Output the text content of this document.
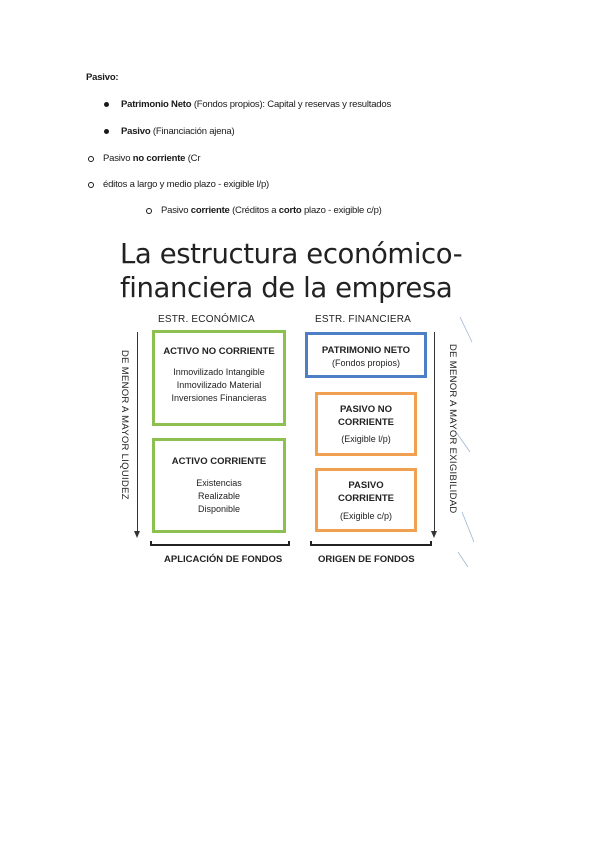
Pasivo:
Patrimonio Neto (Fondos propios): Capital y reservas y resultados
Pasivo (Financiación ajena)
Pasivo no corriente (Cr
éditos a largo y medio plazo - exigible l/p)
Pasivo corriente (Créditos a corto plazo - exigible c/p)
La estructura económico-
financiera de la empresa
ESTR. ECONÓMICA	ESTR. FINANCIERA
DE MENOR A MAYOR LIQUIDEZ	DE MENOR A MAYOR EXIGIBILIDAD
ACTIVO NO CORRIENTE
Inmovilizado Intangible
Inmovilizado Material
Inversiones Financieras
ACTIVO CORRIENTE
Existencias
Realizable
Disponible
PATRIMONIO NETO
(Fondos propios)
PASIVO NO
CORRIENTE
(Exigible l/p)
PASIVO
CORRIENTE
(Exigible c/p)
APLICACIÓN DE FONDOS	ORIGEN DE FONDOS
